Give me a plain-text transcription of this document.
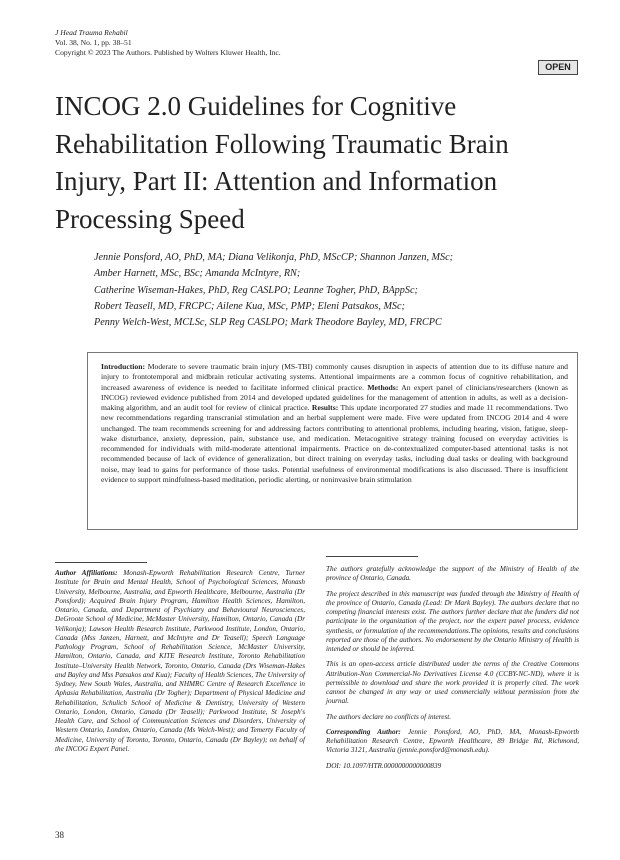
J Head Trauma Rehabil
Vol. 38, No. 1, pp. 38–51
Copyright © 2023 The Authors. Published by Wolters Kluwer Health, Inc.
OPEN
INCOG 2.0 Guidelines for Cognitive Rehabilitation Following Traumatic Brain Injury, Part II: Attention and Information Processing Speed
Jennie Ponsford, AO, PhD, MA; Diana Velikonja, PhD, MScCP; Shannon Janzen, MSc;
Amber Harnett, MSc, BSc; Amanda McIntyre, RN;
Catherine Wiseman-Hakes, PhD, Reg CASLPO; Leanne Togher, PhD, BAppSc;
Robert Teasell, MD, FRCPC; Ailene Kua, MSc, PMP; Eleni Patsakos, MSc;
Penny Welch-West, MCLSc, SLP Reg CASLPO; Mark Theodore Bayley, MD, FRCPC
Introduction: Moderate to severe traumatic brain injury (MS-TBI) commonly causes disruption in aspects of attention due to its diffuse nature and injury to frontotemporal and midbrain reticular activating systems. Attentional impairments are a common focus of cognitive rehabilitation, and increased awareness of evidence is needed to facilitate informed clinical practice. Methods: An expert panel of clinicians/researchers (known as INCOG) reviewed evidence published from 2014 and developed updated guidelines for the management of attention in adults, as well as a decision-making algorithm, and an audit tool for review of clinical practice. Results: This update incorporated 27 studies and made 11 recommendations. Two new recommendations regarding transcranial stimulation and an herbal supplement were made. Five were updated from INCOG 2014 and 4 were unchanged. The team recommends screening for and addressing factors contributing to attentional problems, including hearing, vision, fatigue, sleep-wake disturbance, anxiety, depression, pain, substance use, and medication. Metacognitive strategy training focused on everyday activities is recommended for individuals with mild-moderate attentional impairments. Practice on de-contextualized computer-based attentional tasks is not recommended because of lack of evidence of generalization, but direct training on everyday tasks, including dual tasks or dealing with background noise, may lead to gains for performance of those tasks. Potential usefulness of environmental modifications is also discussed. There is insufficient evidence to support mindfulness-based meditation, periodic alerting, or noninvasive brain stimulation

Author Affiliations: Monash-Epworth Rehabilitation Research Centre, Turner Institute for Brain and Mental Health, School of Psychological Sciences, Monash University, Melbourne, Australia, and Epworth Healthcare, Melbourne, Australia (Dr Ponsford); Acquired Brain Injury Program, Hamilton Health Sciences, Hamilton, Ontario, Canada, and Department of Psychiatry and Behavioural Neurosciences, DeGroote School of Medicine, McMaster University, Hamilton, Ontario, Canada (Dr Velikonja); Lawson Health Research Institute, Parkwood Institute, London, Ontario, Canada (Mss Janzen, Harnett, and McIntyre and Dr Teasell); Speech Language Pathology Program, School of Rehabilitation Science, McMaster University, Hamilton, Ontario, Canada, and KITE Research Institute, Toronto Rehabilitation Institute–University Health Network, Toronto, Ontario, Canada (Drs Wiseman-Hakes and Bayley and Mss Patsakos and Kua); Faculty of Health Sciences, The University of Sydney, New South Wales, Australia, and NHMRC Centre of Research Excellence in Aphasia Rehabilitation, Australia (Dr Togher); Department of Physical Medicine and Rehabilitation, Schulich School of Medicine & Dentistry, University of Western Ontario, London, Ontario, Canada (Dr Teasell); Parkwood Institute, St Joseph's Health Care, and School of Communication Sciences and Disorders, University of Western Ontario, London, Ontario, Canada (Ms Welch-West); and Temerty Faculty of Medicine, University of Toronto, Toronto, Ontario, Canada (Dr Bayley); on behalf of the INCOG Expert Panel.

The authors gratefully acknowledge the support of the Ministry of Health of the province of Ontario, Canada.

The project described in this manuscript was funded through the Ministry of Health of the province of Ontario, Canada (Lead: Dr Mark Bayley). The authors declare that no competing financial interests exist. The authors further declare that the funders did not participate in the organization of the project, nor the expert panel process, evidence synthesis, or formulation of the recommendations.The opinions, results and conclusions reported are those of the authors. No endorsement by the Ontario Ministry of Health is intended or should be inferred.

This is an open-access article distributed under the terms of the Creative Commons Attribution-Non Commercial-No Derivatives License 4.0 (CCBY-NC-ND), where it is permissible to download and share the work provided it is properly cited. The work cannot be changed in any way or used commercially without permission from the journal.

The authors declare no conflicts of interest.

Corresponding Author: Jennie Ponsford, AO, PhD, MA, Monash-Epworth Rehabilitation Research Centre, Epworth Healthcare, 89 Bridge Rd, Richmond, Victoria 3121, Australia (jennie.ponsford@monash.edu).

DOI: 10.1097/HTR.0000000000000839

38
